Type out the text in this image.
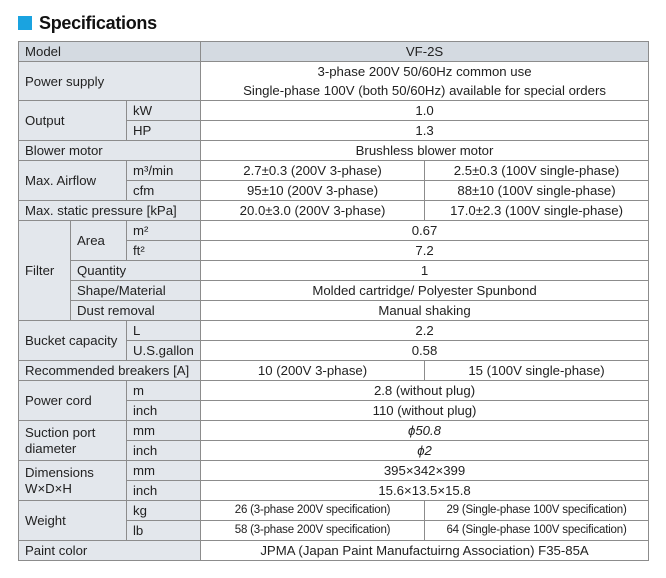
Specifications
Model			VF-2S	
Power supply			3-phase 200V 50/60Hz common use
Single-phase 100V (both 50/60Hz) available for special orders	

Output		kW	1.0	
		HP	1.3	
Blower motor			Brushless blower motor	
Max. Airflow		m³/min	2.7±0.3 (200V 3-phase)	2.5±0.3 (100V single-phase)
		cfm	95±10 (200V 3-phase)	88±10 (100V single-phase)
Max. static pressure [kPa]			20.0±3.0 (200V 3-phase)	17.0±2.3 (100V single-phase)
Filter	Area	m²	0.67	
		ft²	7.2	
	Quantity		1	
	Shape/Material		Molded cartridge/ Polyester Spunbond	
	Dust removal		Manual shaking	
Bucket capacity		L	2.2	
		U.S.gallon	0.58	
Recommended breakers [A]			10 (200V 3-phase)	15 (100V single-phase)
Power cord		m	2.8 (without plug)	
		inch	110 (without plug)	

Suction port
diameter		mm	ϕ50.8	
		inch	ϕ2	

Dimensions
W×D×H		mm	395×342×399	
		inch	15.6×13.5×15.8	
Weight		kg	26 (3-phase 200V specification)	29 (Single-phase 100V specification)
		lb	58 (3-phase 200V specification)	64 (Single-phase 100V specification)
Paint color			JPMA (Japan Paint Manufactuirng Association) F35-85A	
